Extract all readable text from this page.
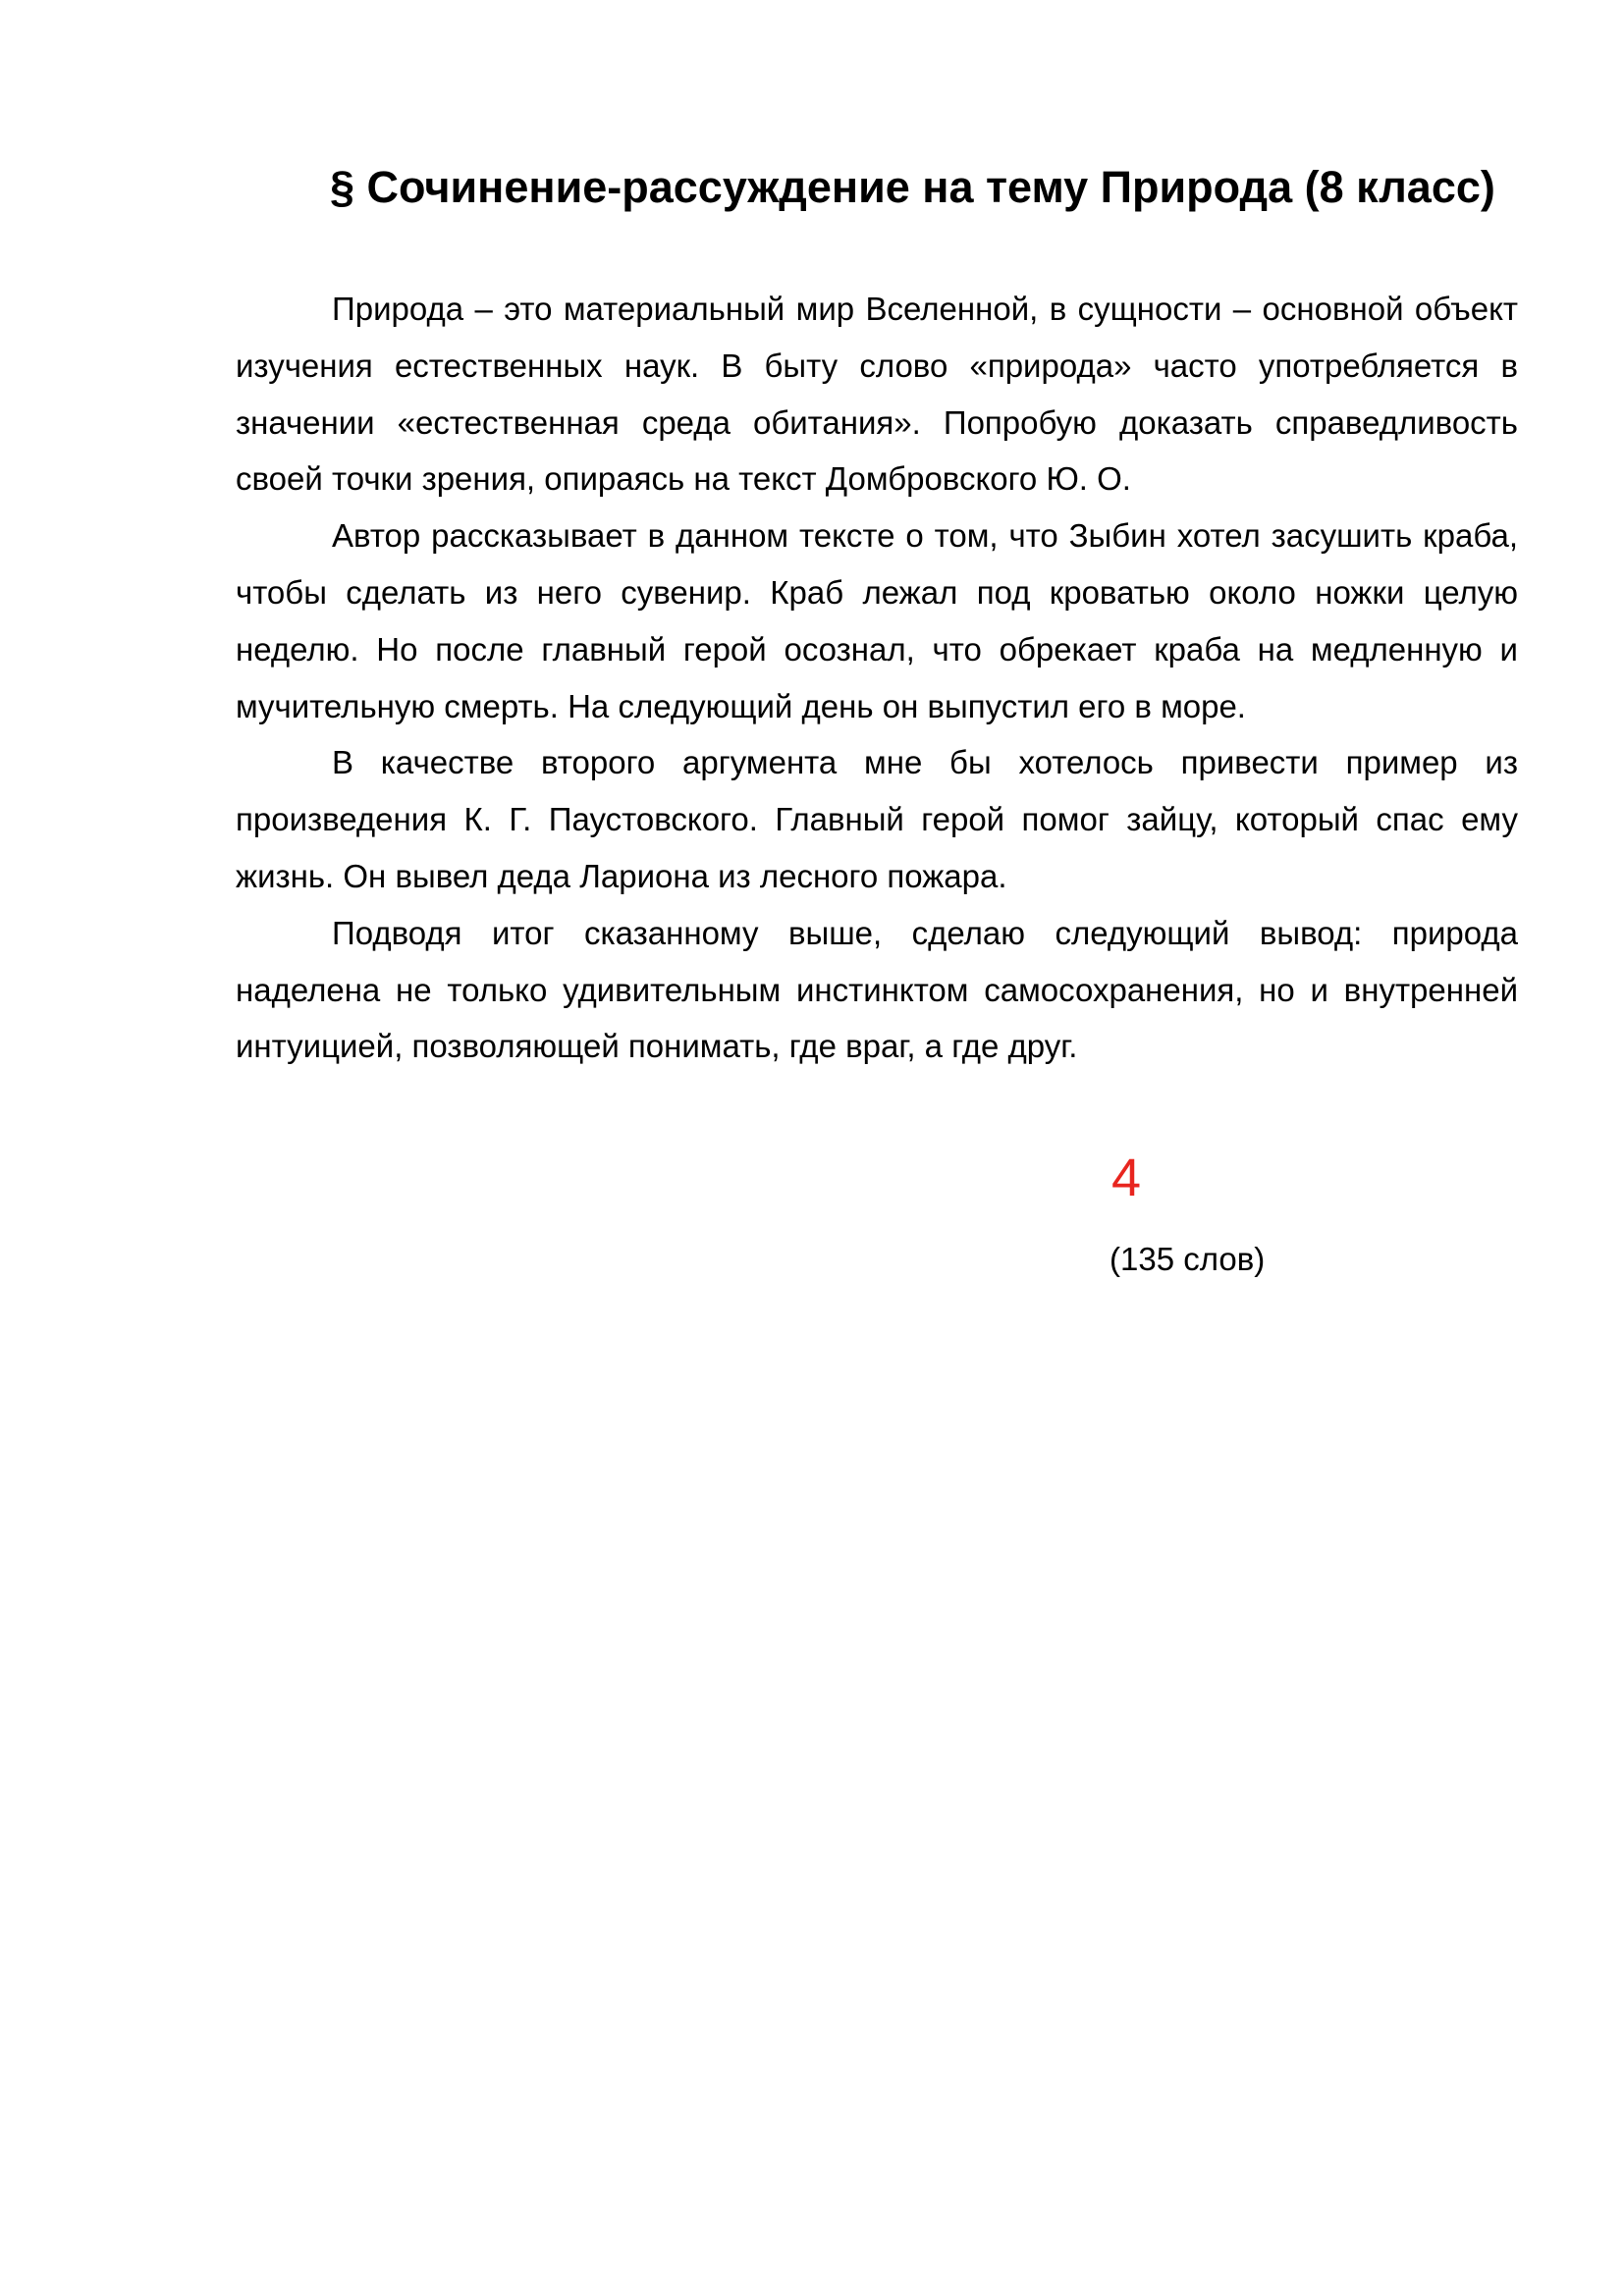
§ Сочинение-рассуждение на тему Природа (8 класс)

Природа – это материальный мир Вселенной, в сущности – основной объект изучения естественных наук. В быту слово «природа» часто употребляется в значении «естественная среда обитания». Попробую доказать справедливость своей точки зрения, опираясь на текст Домбровского Ю. О.

Автор рассказывает в данном тексте о том, что Зыбин хотел засушить краба, чтобы сделать из него сувенир. Краб лежал под кроватью около ножки целую неделю. Но после главный герой осознал, что обрекает краба на медленную и мучительную смерть. На следующий день он выпустил его в море.

В качестве второго аргумента мне бы хотелось привести пример из произведения К. Г. Паустовского. Главный герой помог зайцу, который спас ему жизнь. Он вывел деда Лариона из лесного пожара.

Подводя итог сказанному выше, сделаю следующий вывод: природа наделена не только удивительным инстинктом самосохранения, но и внутренней интуицией, позволяющей понимать, где враг, а где друг.

4
(135 слов)
